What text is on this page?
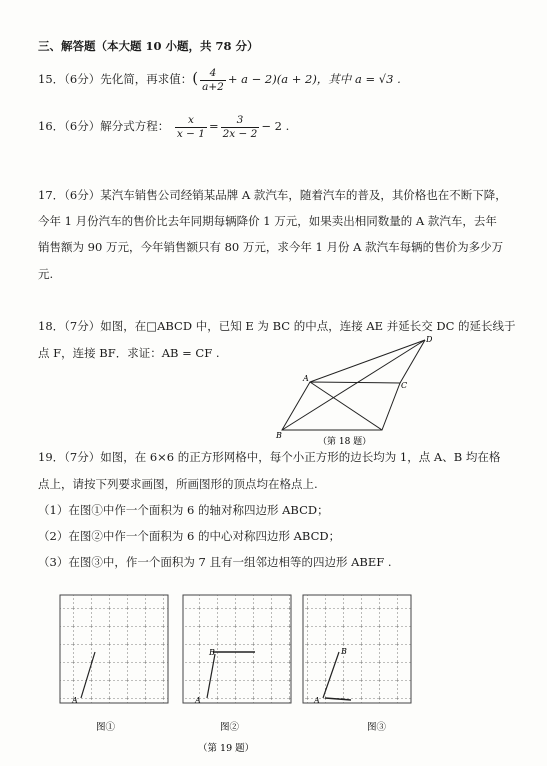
三、解答题（本大题 10 小题，共 78 分）
15．（6分）先化简，再求值：( $\frac{4}{a+2} + a - 2)(a + 2)$，其中 a = √3 .
16．（6分）解分式方程： $\frac{x}{x - 1} = \frac{3}{2x - 2} - 2$ .
17．（6分）某汽车销售公司经销某品牌 A 款汽车，随着汽车的普及，其价格也在不断下降，
今年 1 月份汽车的售价比去年同期每辆降价 1 万元，如果卖出相同数量的 A 款汽车，去年
销售额为 90 万元，今年销售额只有 80 万元，求今年 1 月份 A 款汽车每辆的售价为多少万
元.
18．（7分）如图，在□ABCD 中，已知 E 为 BC 的中点，连接 AE 并延长交 DC 的延长线于
点 F，连接 BF．求证：AB = CF .
D
A
C
B
（第 18 题）
19．（7分）如图，在 6×6 的正方形网格中，每个小正方形的边长均为 1，点 A、B 均在格
点上，请按下列要求画图，所画图形的顶点均在格点上.
（1）在图①中作一个面积为 6 的轴对称四边形 ABCD；
（2）在图②中作一个面积为 6 的中心对称四边形 ABCD；
（3）在图③中，作一个面积为 7 且有一组邻边相等的四边形 ABEF .
A
B
A
B
A
图①	图②	图③
（第 19 题）
